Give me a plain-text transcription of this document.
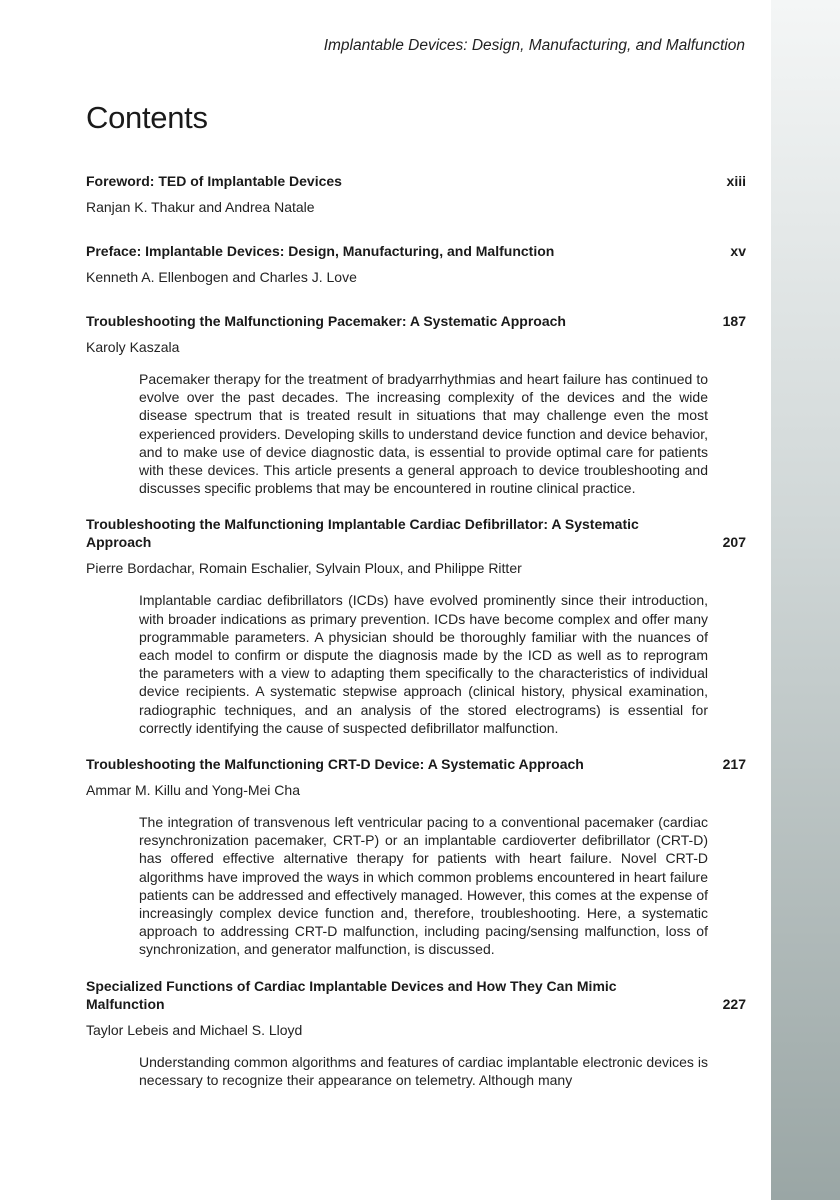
Implantable Devices: Design, Manufacturing, and Malfunction
Contents
Foreword: TED of Implantable Devices	xiii
Ranjan K. Thakur and Andrea Natale
Preface: Implantable Devices: Design, Manufacturing, and Malfunction	xv
Kenneth A. Ellenbogen and Charles J. Love
Troubleshooting the Malfunctioning Pacemaker: A Systematic Approach	187
Karoly Kaszala
Pacemaker therapy for the treatment of bradyarrhythmias and heart failure has continued to evolve over the past decades. The increasing complexity of the devices and the wide disease spectrum that is treated result in situations that may challenge even the most experienced providers. Developing skills to understand device function and device behavior, and to make use of device diagnostic data, is essential to provide optimal care for patients with these devices. This article presents a general approach to device troubleshooting and discusses specific problems that may be encountered in routine clinical practice.
Troubleshooting the Malfunctioning Implantable Cardiac Defibrillator: A Systematic Approach	207
Pierre Bordachar, Romain Eschalier, Sylvain Ploux, and Philippe Ritter
Implantable cardiac defibrillators (ICDs) have evolved prominently since their introduction, with broader indications as primary prevention. ICDs have become complex and offer many programmable parameters. A physician should be thoroughly familiar with the nuances of each model to confirm or dispute the diagnosis made by the ICD as well as to reprogram the parameters with a view to adapting them specifically to the characteristics of individual device recipients. A systematic stepwise approach (clinical history, physical examination, radiographic techniques, and an analysis of the stored electrograms) is essential for correctly identifying the cause of suspected defibrillator malfunction.
Troubleshooting the Malfunctioning CRT-D Device: A Systematic Approach	217
Ammar M. Killu and Yong-Mei Cha
The integration of transvenous left ventricular pacing to a conventional pacemaker (cardiac resynchronization pacemaker, CRT-P) or an implantable cardioverter defibrillator (CRT-D) has offered effective alternative therapy for patients with heart failure. Novel CRT-D algorithms have improved the ways in which common problems encountered in heart failure patients can be addressed and effectively managed. However, this comes at the expense of increasingly complex device function and, therefore, troubleshooting. Here, a systematic approach to addressing CRT-D malfunction, including pacing/sensing malfunction, loss of synchronization, and generator malfunction, is discussed.
Specialized Functions of Cardiac Implantable Devices and How They Can Mimic Malfunction	227
Taylor Lebeis and Michael S. Lloyd
Understanding common algorithms and features of cardiac implantable electronic devices is necessary to recognize their appearance on telemetry. Although many
